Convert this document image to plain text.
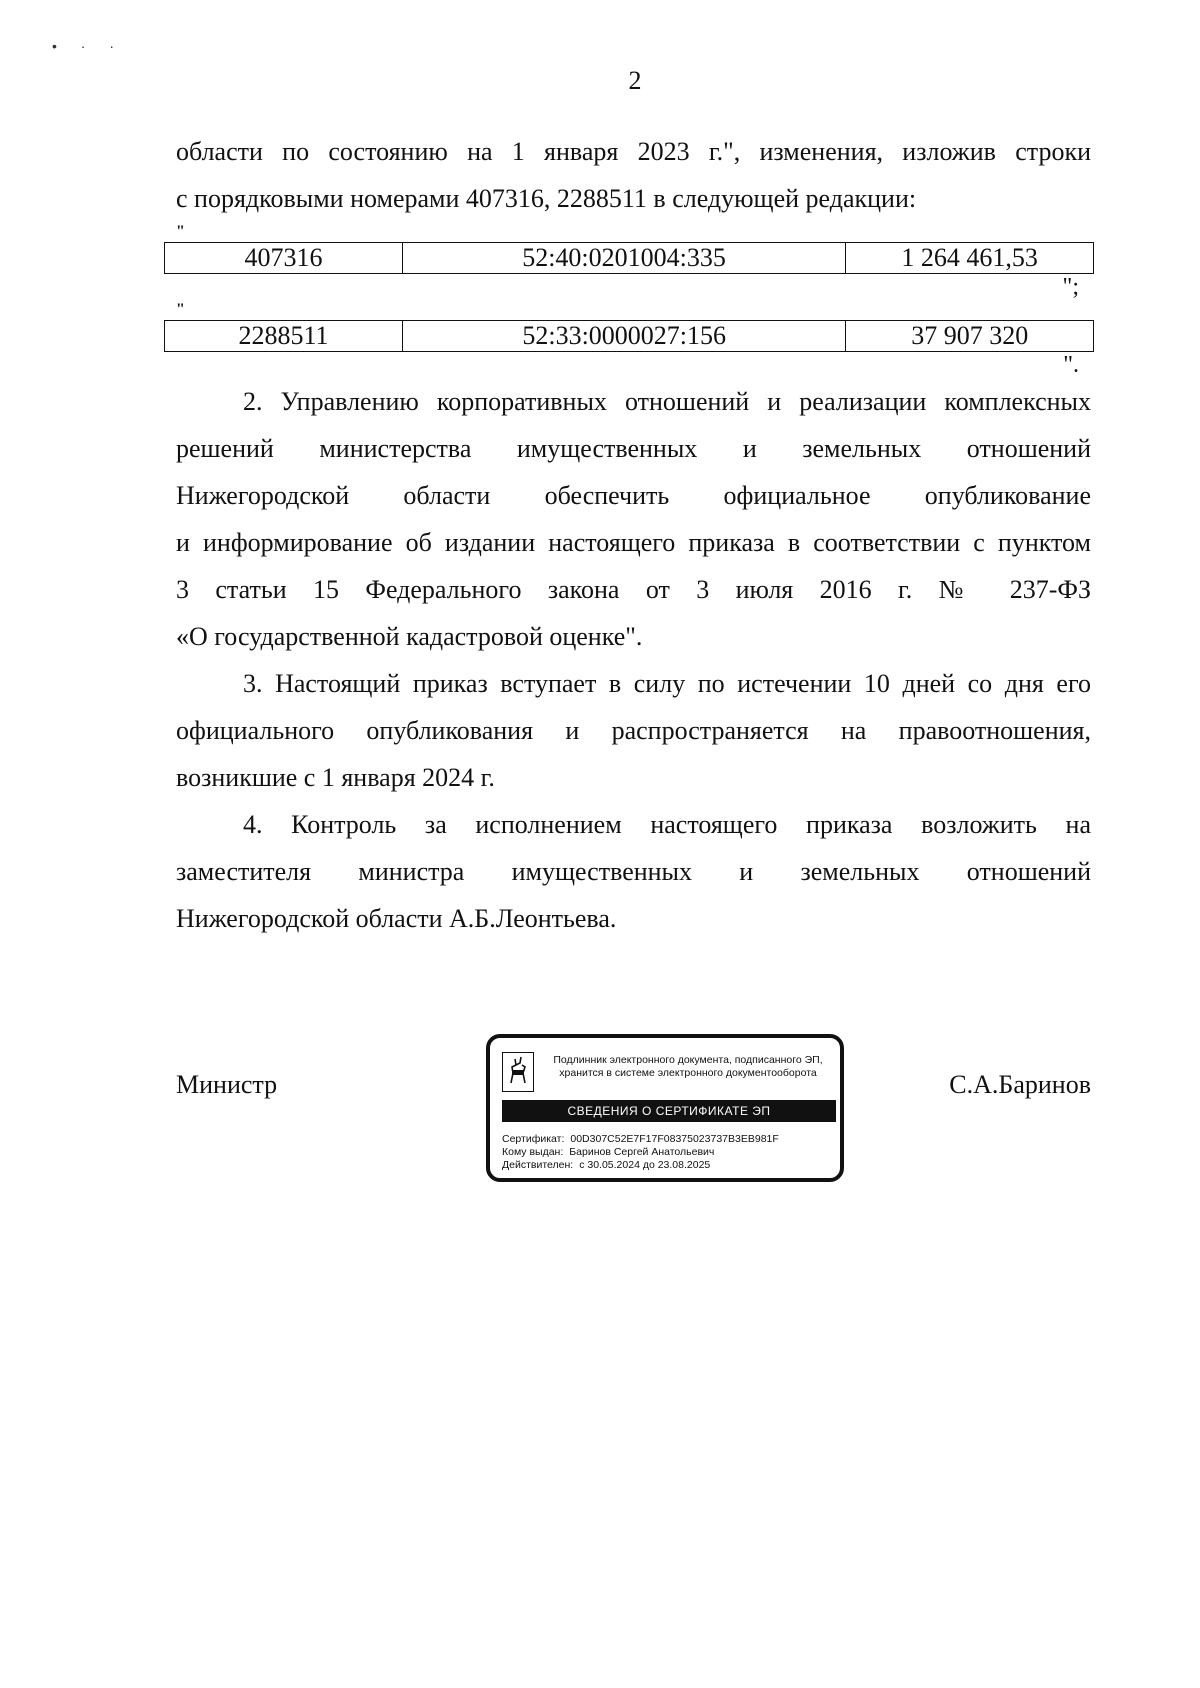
• · ·
2

области по состоянию на 1 января 2023 г.", изменения, изложив строки

с порядковыми номерами 407316, 2288511 в следующей редакции:

"
407316	52:40:0201004:335	1 264 461,53
";
"
2288511	52:33:0000027:156	37 907 320
".

2. Управлению корпоративных отношений и реализации комплексных

решений министерства имущественных и земельных отношений

Нижегородской области обеспечить официальное опубликование

и информирование об издании настоящего приказа в соответствии с пунктом

3 статьи 15 Федерального закона от 3 июля 2016 г. № 237-ФЗ

«О государственной кадастровой оценке".

3. Настоящий приказ вступает в силу по истечении 10 дней со дня его

официального опубликования и распространяется на правоотношения,

возникшие с 1 января 2024 г.

4. Контроль за исполнением настоящего приказа возложить на

заместителя министра имущественных и земельных отношений

Нижегородской области А.Б.Леонтьева.

Министр
Подлинник электронного документа, подписанного ЭП,
хранится в системе электронного документооборота
СВЕДЕНИЯ О СЕРТИФИКАТЕ ЭП
Сертификат: 00D307C52E7F17F08375023737B3EB981F
Кому выдан: Баринов Сергей Анатольевич
Действителен: с 30.05.2024 до 23.08.2025
С.А.Баринов
